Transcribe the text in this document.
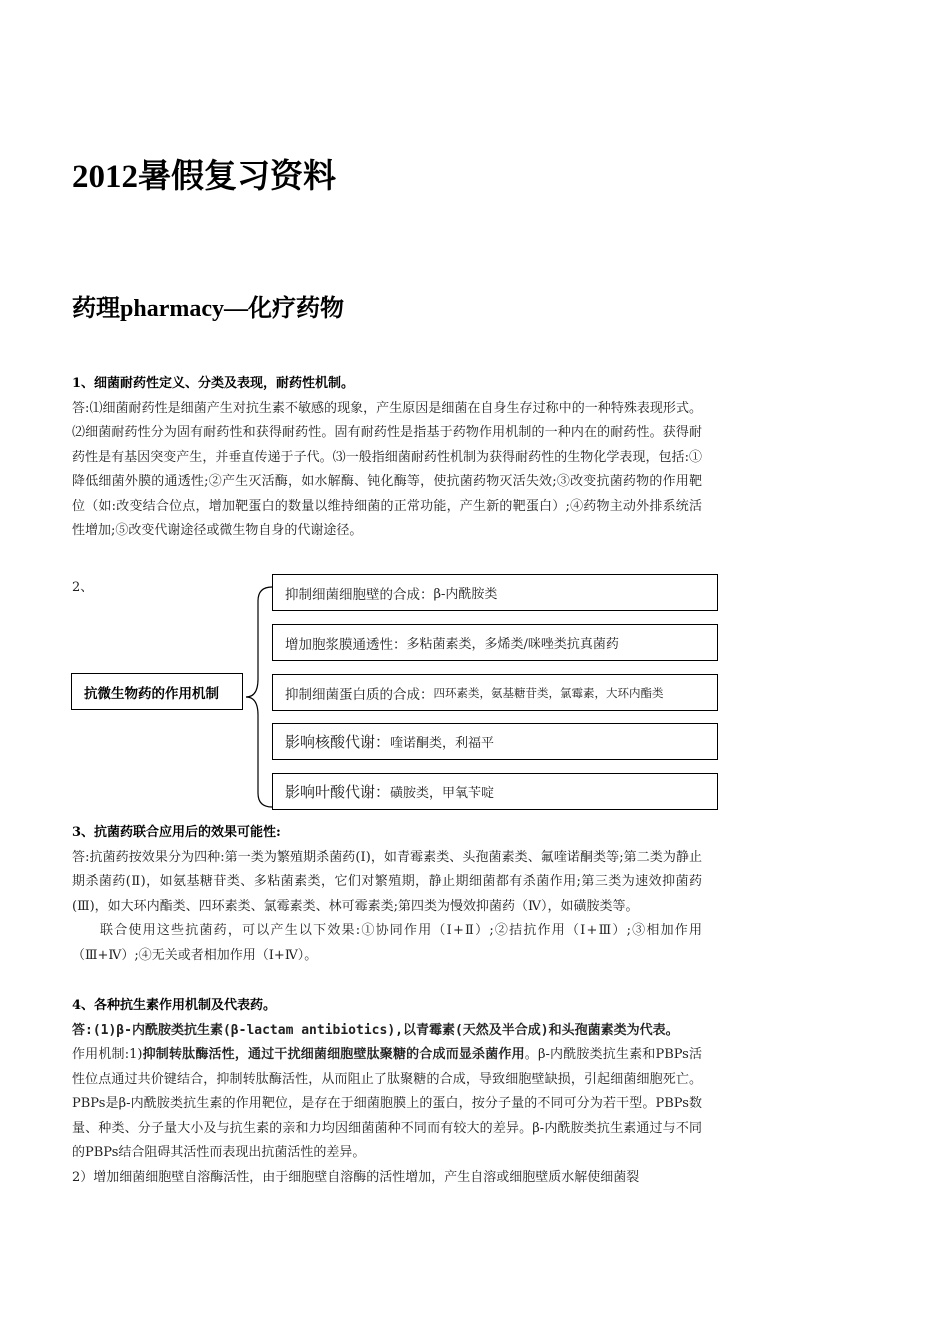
2012暑假复习资料
药理pharmacy—化疗药物
1、细菌耐药性定义、分类及表现，耐药性机制。

答:⑴细菌耐药性是细菌产生对抗生素不敏感的现象，产生原因是细菌在自身生存过称中的一种特殊表现形式。⑵细菌耐药性分为固有耐药性和获得耐药性。固有耐药性是指基于药物作用机制的一种内在的耐药性。获得耐药性是有基因突变产生，并垂直传递于子代。⑶一般指细菌耐药性机制为获得耐药性的生物化学表现，包括:①降低细菌外膜的通透性;②产生灭活酶，如水解酶、钝化酶等，使抗菌药物灭活失效;③改变抗菌药物的作用靶位（如:改变结合位点，增加靶蛋白的数量以维持细菌的正常功能，产生新的靶蛋白）;④药物主动外排系统活性增加;⑤改变代谢途径或微生物自身的代谢途径。

2、
抗微生物药的作用机制
抑制细菌细胞壁的合成： β-内酰胺类
增加胞浆膜通透性： 多粘菌素类，多烯类/咪唑类抗真菌药
抑制细菌蛋白质的合成： 四环素类，氨基糖苷类，氯霉素，大环内酯类
影响核酸代谢： 喹诺酮类，利福平
影响叶酸代谢： 磺胺类，甲氧苄啶
3、抗菌药联合应用后的效果可能性:

答:抗菌药按效果分为四种:第一类为繁殖期杀菌药(Ⅰ)，如青霉素类、头孢菌素类、氟喹诺酮类等;第二类为静止期杀菌药(Ⅱ)，如氨基糖苷类、多粘菌素类，它们对繁殖期，静止期细菌都有杀菌作用;第三类为速效抑菌药(Ⅲ)，如大环内酯类、四环素类、氯霉素类、林可霉素类;第四类为慢效抑菌药（Ⅳ），如磺胺类等。

联合使用这些抗菌药，可以产生以下效果:①协同作用（Ⅰ+Ⅱ）;②拮抗作用（Ⅰ+Ⅲ）;③相加作用（Ⅲ+Ⅳ）;④无关或者相加作用（Ⅰ+Ⅳ）。

4、各种抗生素作用机制及代表药。

答:(1)β-内酰胺类抗生素(β-lactam antibiotics),以青霉素(天然及半合成)和头孢菌素类为代表。

作用机制:1)抑制转肽酶活性，通过干扰细菌细胞壁肽聚糖的合成而显杀菌作用。β-内酰胺类抗生素和PBPs活性位点通过共价键结合，抑制转肽酶活性，从而阻止了肽聚糖的合成，导致细胞壁缺损，引起细菌细胞死亡。PBPs是β-内酰胺类抗生素的作用靶位，是存在于细菌胞膜上的蛋白，按分子量的不同可分为若干型。PBPs数量、种类、分子量大小及与抗生素的亲和力均因细菌菌种不同而有较大的差异。β-内酰胺类抗生素通过与不同的PBPs结合阻碍其活性而表现出抗菌活性的差异。

2）增加细菌细胞壁自溶酶活性，由于细胞壁自溶酶的活性增加，产生自溶或细胞壁质水解使细菌裂
